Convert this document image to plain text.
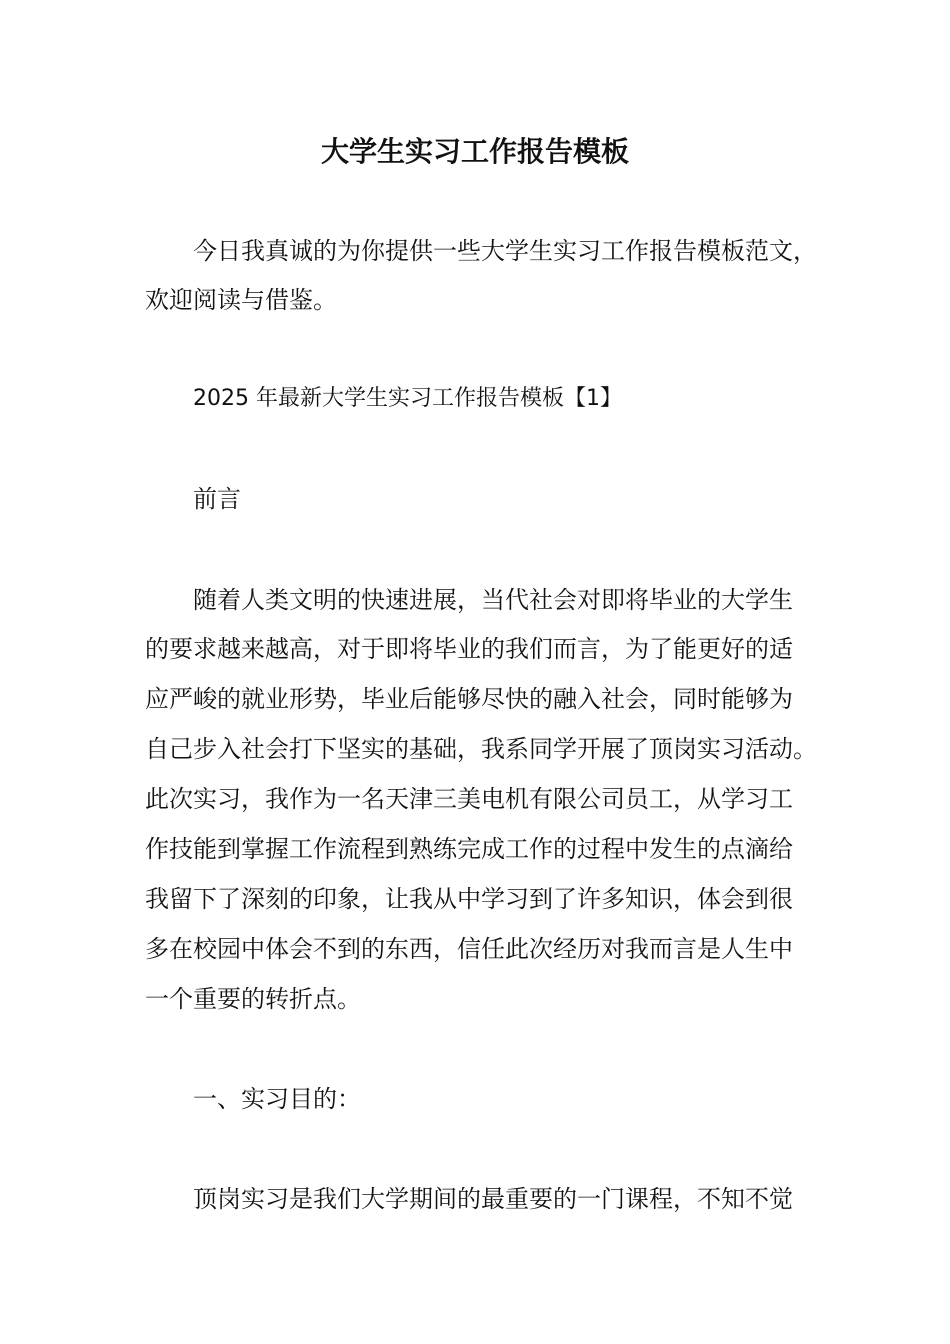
大学生实习工作报告模板
今日我真诚的为你提供一些大学生实习工作报告模板范文，
欢迎阅读与借鉴。
2025 年最新大学生实习工作报告模板【1】
前言
随着人类文明的快速进展，当代社会对即将毕业的大学生
的要求越来越高，对于即将毕业的我们而言，为了能更好的适
应严峻的就业形势，毕业后能够尽快的融入社会，同时能够为
自己步入社会打下坚实的基础，我系同学开展了顶岗实习活动。
此次实习，我作为一名天津三美电机有限公司员工，从学习工
作技能到掌握工作流程到熟练完成工作的过程中发生的点滴给
我留下了深刻的印象，让我从中学习到了许多知识，体会到很
多在校园中体会不到的东西，信任此次经历对我而言是人生中
一个重要的转折点。
一、实习目的：
顶岗实习是我们大学期间的最重要的一门课程，不知不觉
